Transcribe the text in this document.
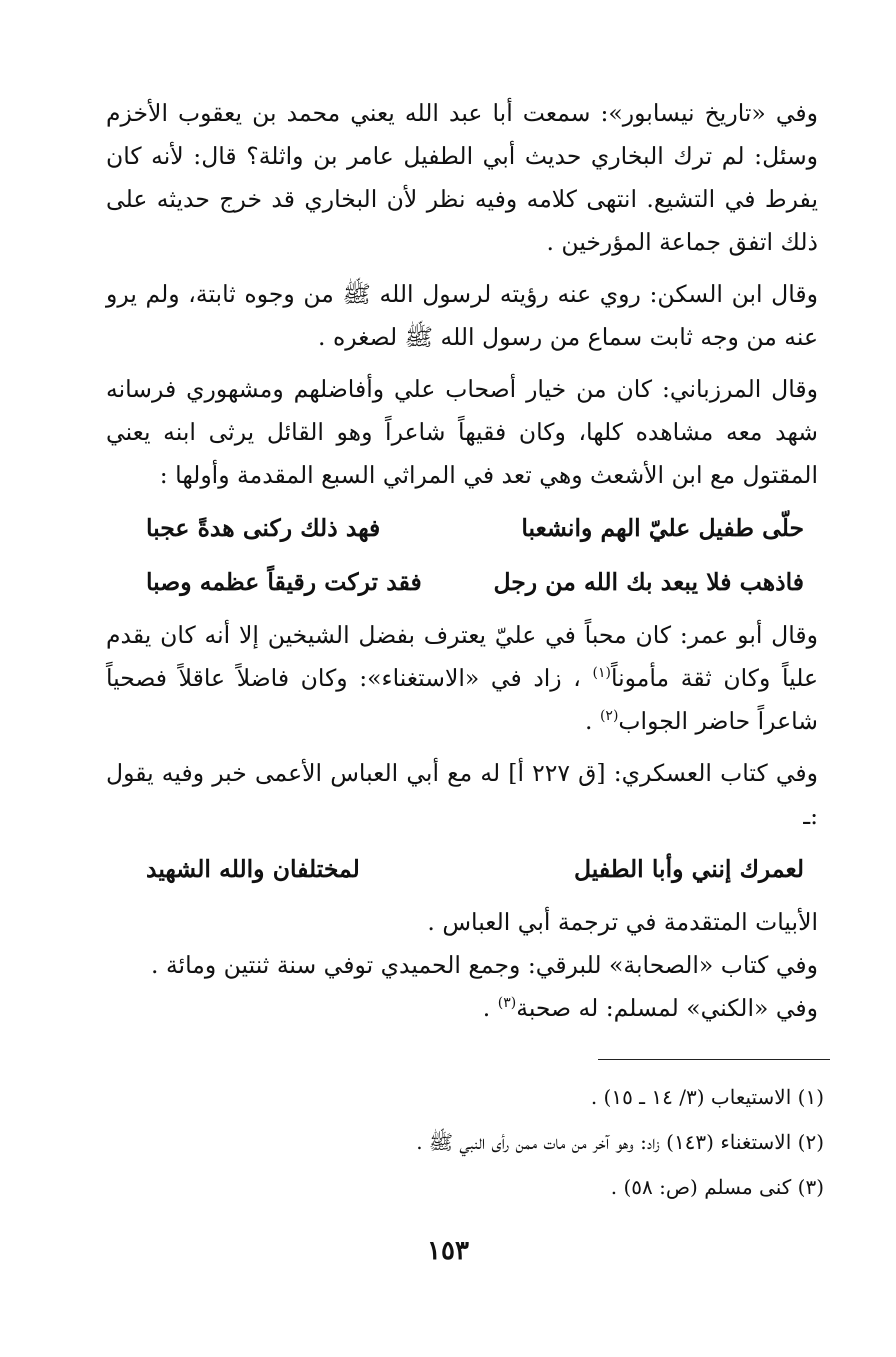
وفي «تاريخ نيسابور»: سمعت أبا عبد الله يعني محمد بن يعقوب الأخزم وسئل: لم ترك البخاري حديث أبي الطفيل عامر بن واثلة؟ قال: لأنه كان يفرط في التشيع. انتهى كلامه وفيه نظر لأن البخاري قد خرج حديثه على ذلك اتفق جماعة المؤرخين .

وقال ابن السكن: روي عنه رؤيته لرسول الله ﷺ من وجوه ثابتة، ولم يرو عنه من وجه ثابت سماع من رسول الله ﷺ لصغره .

وقال المرزباني: كان من خيار أصحاب علي وأفاضلهم ومشهوري فرسانه شهد معه مشاهده كلها، وكان فقيهاً شاعراً وهو القائل يرثى ابنه يعني المقتول مع ابن الأشعث وهي تعد في المراثي السبع المقدمة وأولها :

حلّى طفيل عليّ الهم وانشعبا
فهد ذلك ركنى هدةً عجبا
فاذهب فلا يبعد بك الله من رجل
فقد تركت رقيقاً عظمه وصبا

وقال أبو عمر: كان محباً في عليّ يعترف بفضل الشيخين إلا أنه كان يقدم علياً وكان ثقة مأموناً$^{(١)}$ ، زاد في «الاستغناء»: وكان فاضلاً عاقلاً فصحياً شاعراً حاضر الجواب$^{(٢)}$ .

وفي كتاب العسكري: [ق ٢٢٧ أ] له مع أبي العباس الأعمى خبر وفيه يقول :ـ

لعمرك إنني وأبا الطفيل
لمختلفان والله الشهيد

الأبيات المتقدمة في ترجمة أبي العباس .

وفي كتاب «الصحابة» للبرقي: وجمع الحميدي توفي سنة ثنتين ومائة .

وفي «الكني» لمسلم: له صحبة$^{(٣)}$ .

(١) الاستيعاب (٣/ ١٤ ـ ١٥) .

(٢) الاستغناء (١٤٣) زاد: وهو آخر من مات ممن رأى النبي ﷺ .

(٣) كنى مسلم (ص: ٥٨) .

١٥٣
